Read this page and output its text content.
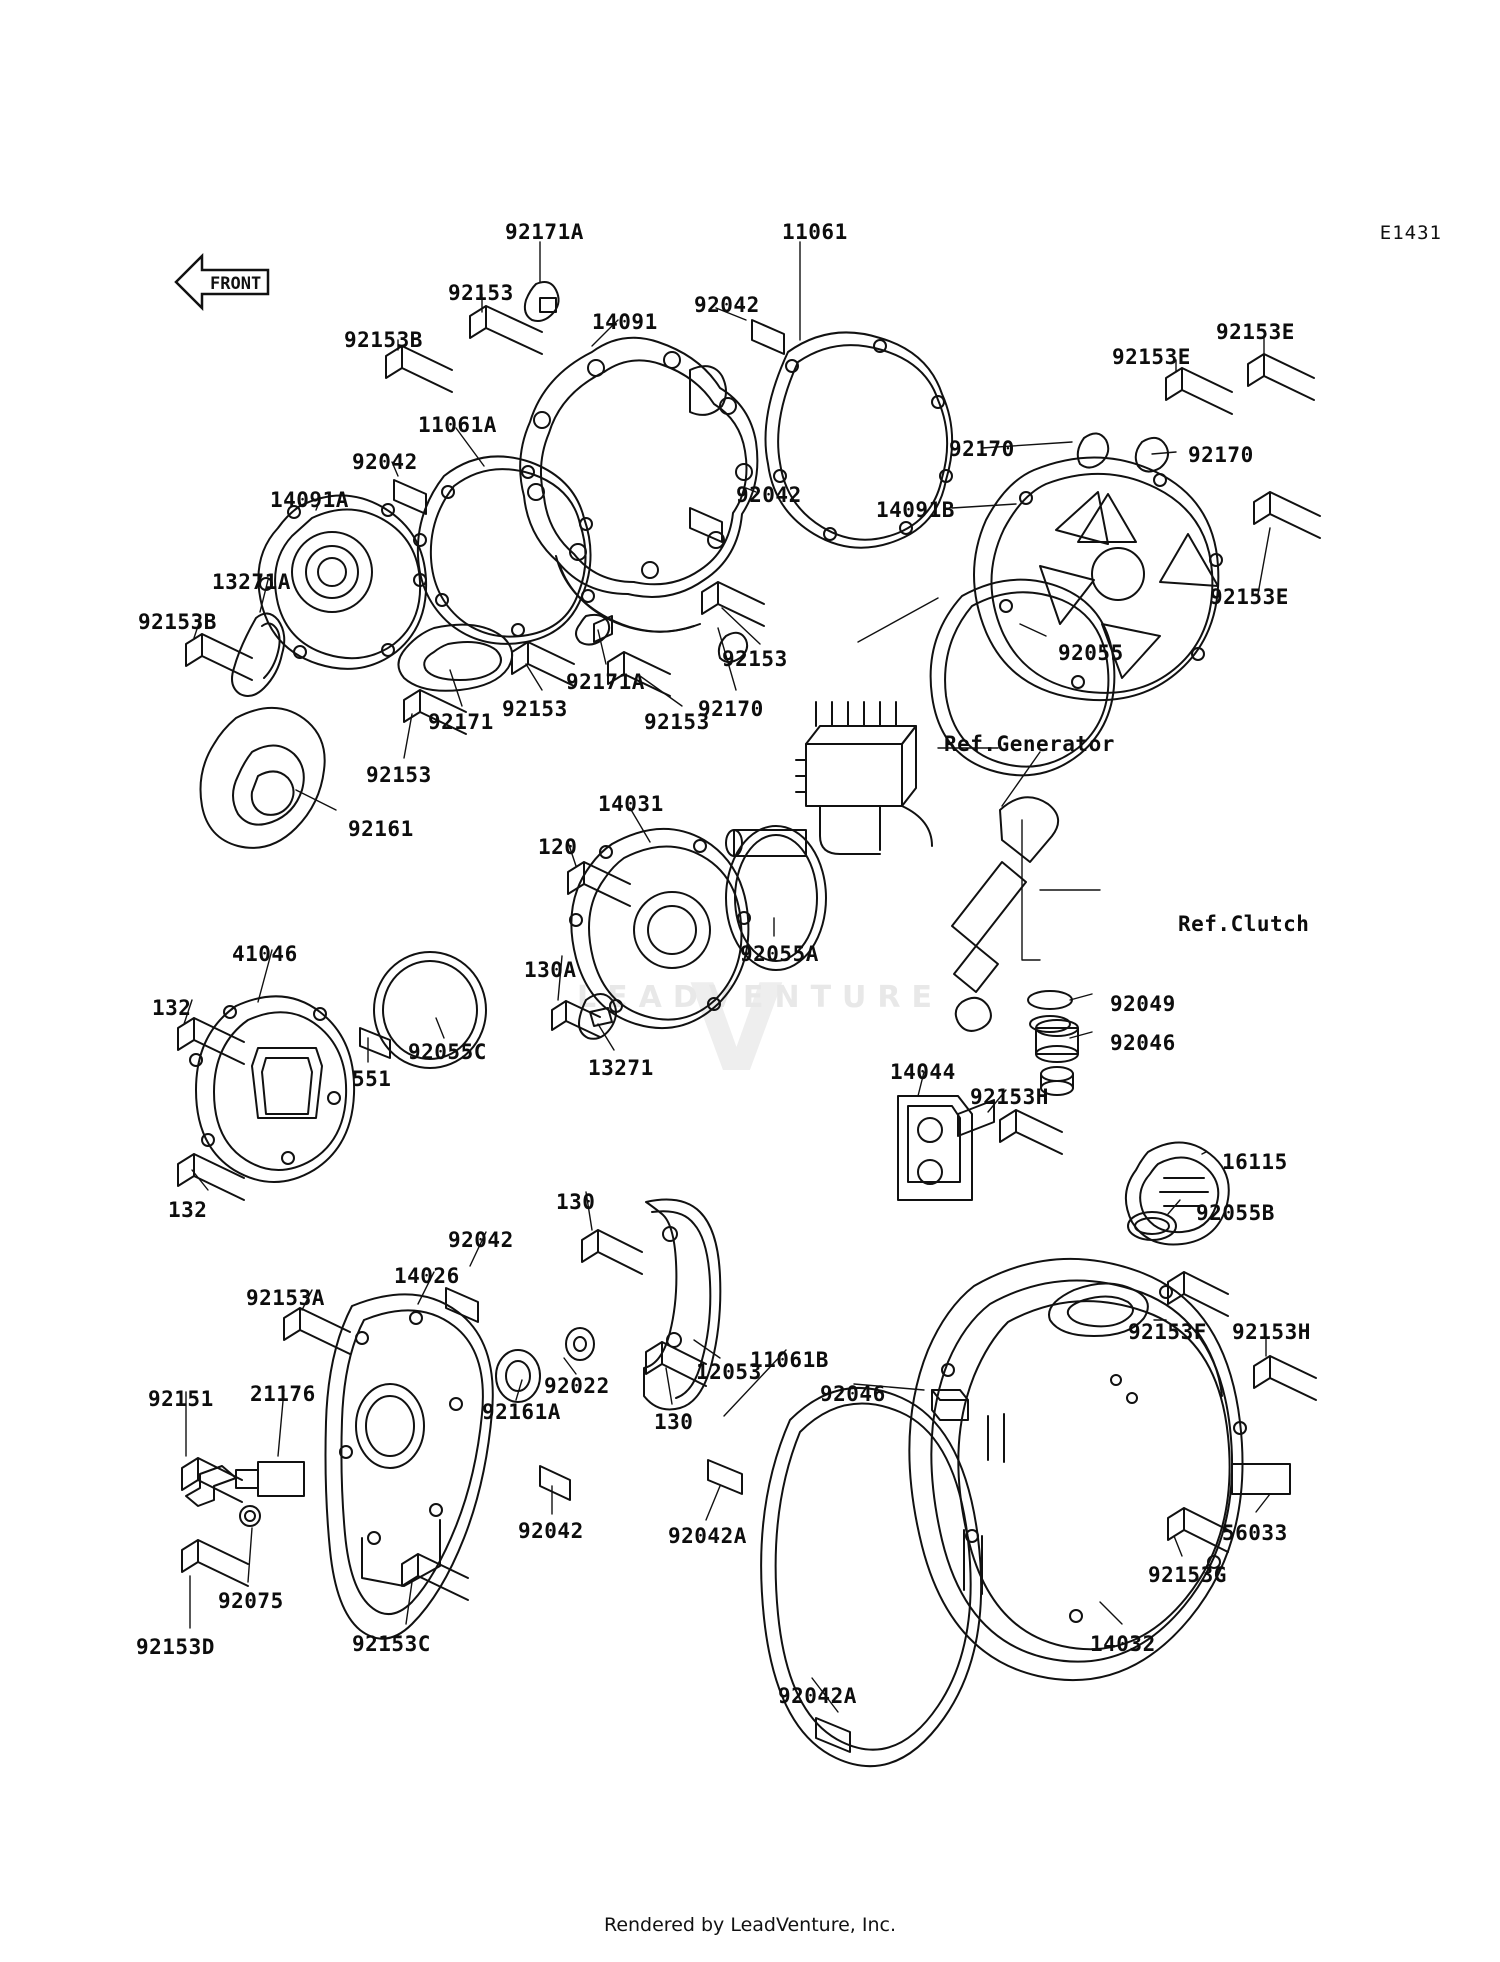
V
LEADVENTURE
E1431
FRONT
92171A	11061
92153
14091
92042
92153B	92153E
92153E
11061A
92170	92170
92042
92042
14091A	14091B
13271A
92153E
92153B
92055
92153
92171A
92153	92170
92153
92171
92153
92161
14031
120
92055A
130A
41046
132
92055C
551	13271
92049
92046
132
14044
92153H
16115
92055B
130
92042
14026
92153A
92022
12053
11061B
92153F 92153H
130
92046
92151 21176
92161A
92042	92042A	56033
92153G
92075
92153D	92153C	14032
92042A
Ref.Generator
Ref.Clutch
Rendered by LeadVenture, Inc.
